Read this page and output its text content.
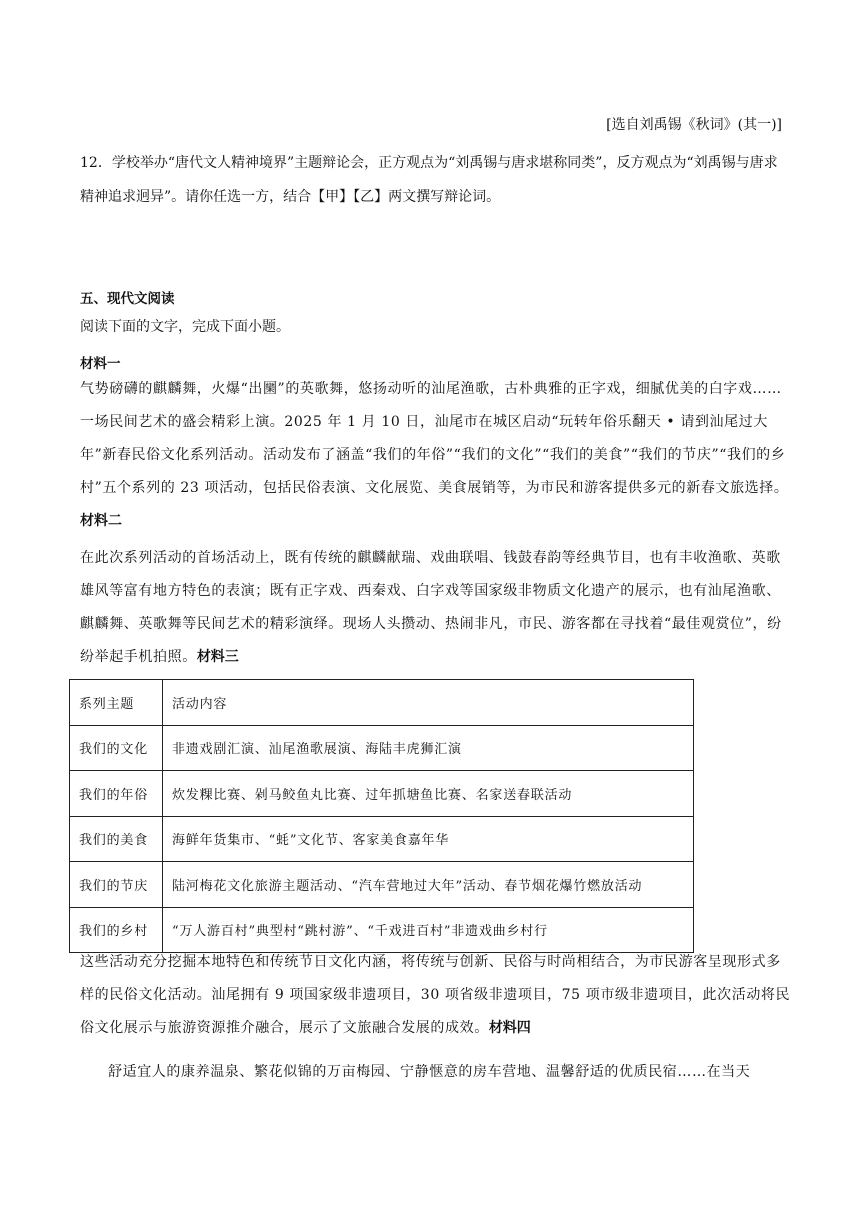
[选自刘禹锡《秋词》(其一)]
12．学校举办“唐代文人精神境界”主题辩论会，正方观点为“刘禹锡与唐求堪称同类”，反方观点为“刘禹锡与唐求精神追求迥异”。请你任选一方，结合【甲】【乙】两文撰写辩论词。
五、现代文阅读
阅读下面的文字，完成下面小题。
材料一
气势磅礴的麒麟舞，火爆“出圞”的英歌舞，悠扬动听的汕尾渔歌，古朴典雅的正字戏，细腻优美的白字戏……一场民间艺术的盛会精彩上演。2025 年 1 月 10 日，汕尾市在城区启动“玩转年俗乐翻天 • 请到汕尾过大年”新春民俗文化系列活动。活动发布了涵盖“我们的年俗”“我们的文化”“我们的美食”“我们的节庆”“我们的乡村”五个系列的 23 项活动，包括民俗表演、文化展览、美食展销等，为市民和游客提供多元的新春文旅选择。材料二
在此次系列活动的首场活动上，既有传统的麒麟献瑞、戏曲联唱、钱鼓春韵等经典节目，也有丰收渔歌、英歌雄风等富有地方特色的表演；既有正字戏、西秦戏、白字戏等国家级非物质文化遗产的展示，也有汕尾渔歌、麒麟舞、英歌舞等民间艺术的精彩演绎。现场人头攒动、热闹非凡，市民、游客都在寻找着“最佳观赏位”，纷纷举起手机拍照。材料三
系列主题	活动内容
我们的文化	非遗戏剧汇演、汕尾渔歌展演、海陆丰虎狮汇演
我们的年俗	炊发粿比赛、剁马鲛鱼丸比赛、过年抓塘鱼比赛、名家送春联活动
我们的美食	海鲜年货集市、“蚝”文化节、客家美食嘉年华
我们的节庆	陆河梅花文化旅游主题活动、“汽车营地过大年”活动、春节烟花爆竹燃放活动
我们的乡村	“万人游百村”典型村“跳村游”、“千戏进百村”非遗戏曲乡村行
这些活动充分挖掘本地特色和传统节日文化内涵，将传统与创新、民俗与时尚相结合，为市民游客呈现形式多样的民俗文化活动。汕尾拥有 9 项国家级非遗项目，30 项省级非遗项目，75 项市级非遗项目，此次活动将民俗文化展示与旅游资源推介融合，展示了文旅融合发展的成效。材料四
舒适宜人的康养温泉、繁花似锦的万亩梅园、宁静惬意的房车营地、温馨舒适的优质民宿……在当天
